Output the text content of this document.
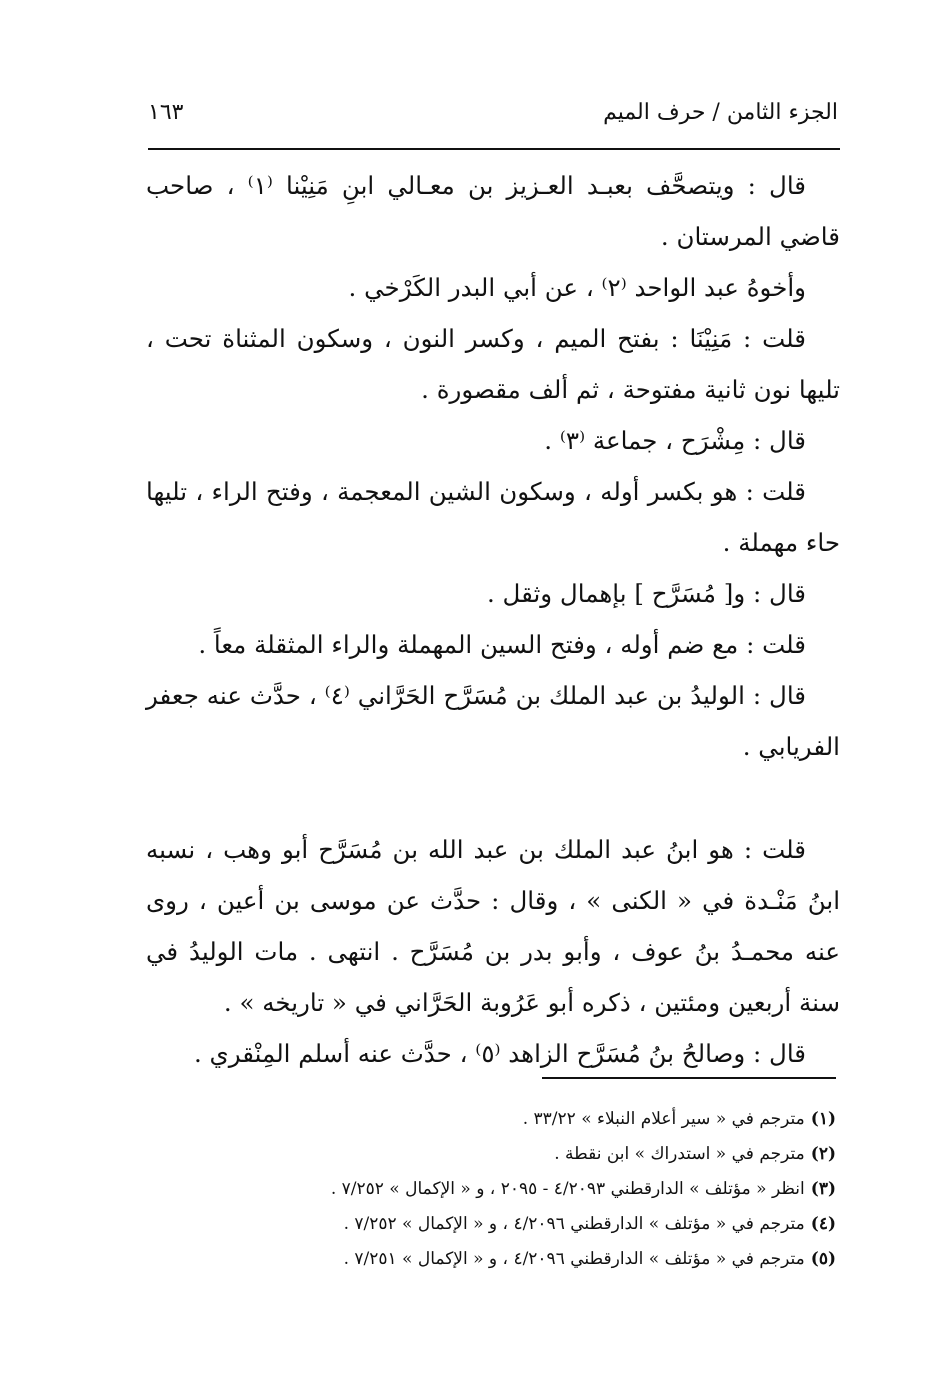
الجزء الثامن / حرف الميم
١٦٣

قال : ويتصحَّف بعبـد العـزيز بن معـالي ابنِ مَنِيْنا ⁽١⁾ ، صاحب قاضي المرستان .

وأخوهُ عبد الواحد ⁽٢⁾ ، عن أبي البدر الكَرْخي .

قلت : مَنِيْنَا : بفتح الميم ، وكسر النون ، وسكون المثناة تحت ، تليها نون ثانية مفتوحة ، ثم ألف مقصورة .

قال : مِشْرَح ، جماعة ⁽٣⁾ .

قلت : هو بكسر أوله ، وسكون الشين المعجمة ، وفتح الراء ، تليها حاء مهملة .

قال : و[ مُسَرَّح ] بإهمال وثقل .

قلت : مع ضم أوله ، وفتح السين المهملة والراء المثقلة معاً .

قال : الوليدُ بن عبد الملك بن مُسَرَّح الحَرَّاني ⁽٤⁾ ، حدَّث عنه جعفر الفريابي .

قلت : هو ابنُ عبد الملك بن عبد الله بن مُسَرَّح أبو وهب ، نسبه ابنُ مَنْـدة في « الكنى » ، وقال : حدَّث عن موسى بن أعين ، روى عنه محمـدُ بنُ عوف ، وأبو بدر بن مُسَرَّح . انتهى . مات الوليدُ في سنة أربعين ومئتين ، ذكره أبو عَرُوبة الحَرَّاني في « تاريخه » .

قال : وصالحُ بنُ مُسَرَّح الزاهد ⁽٥⁾ ، حدَّث عنه أسلم المِنْقري .

(١)مترجم في « سير أعلام النبلاء » ٣٣/٢٢ .
(٢)مترجم في « استدراك » ابن نقطة .
(٣)انظر « مؤتلف » الدارقطني ٤/٢٠٩٣ - ٢٠٩٥ ، و « الإكمال » ٧/٢٥٢ .
(٤)مترجم في « مؤتلف » الدارقطني ٤/٢٠٩٦ ، و « الإكمال » ٧/٢٥٢ .
(٥)مترجم في « مؤتلف » الدارقطني ٤/٢٠٩٦ ، و « الإكمال » ٧/٢٥١ .
